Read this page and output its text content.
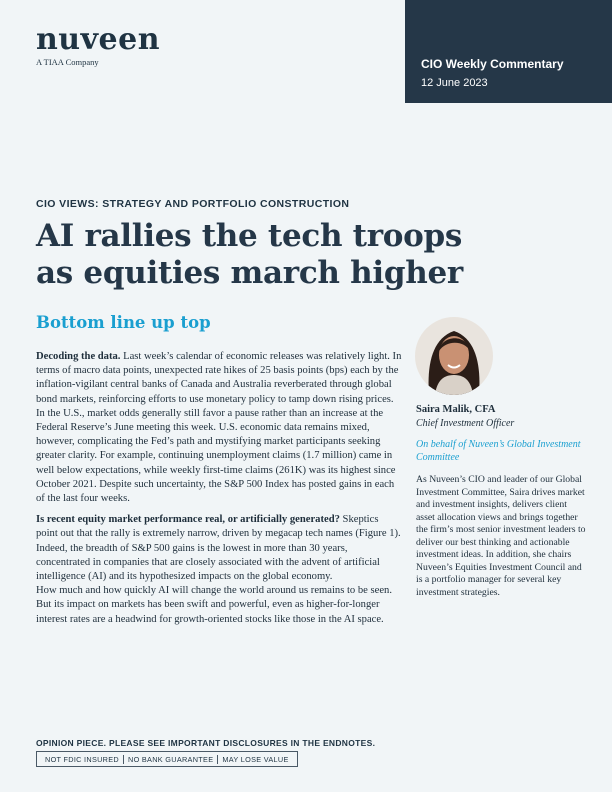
nuveen
A TIAA Company	CIO Weekly Commentary
12 June 2023
CIO VIEWS: STRATEGY AND PORTFOLIO CONSTRUCTION
AI rallies the tech troops
as equities march higher
Bottom line up top

Decoding the data. Last week’s calendar of economic releases was relatively light. In terms of macro data points, unexpected rate hikes of 25 basis points (bps) each by the inflation-vigilant central banks of Canada and Australia reverberated through global bond markets, reinforcing efforts to use monetary policy to tamp down rising prices. In the U.S., market odds generally still favor a pause rather than an increase at the Federal Reserve’s June meeting this week. U.S. economic data remains mixed, however, complicating the Fed’s path and mystifying market participants seeking greater clarity. For example, continuing unemployment claims (1.7 million) came in well below expectations, while weekly first-time claims (261K) was its highest since October 2021. Despite such uncertainty, the S&P 500 Index has posted gains in each of the last four weeks.

Is recent equity market performance real, or artificially generated? Skeptics point out that the rally is extremely narrow, driven by megacap tech names (Figure 1). Indeed, the breadth of S&P 500 gains is the lowest in more than 30 years, concentrated in companies that are closely associated with the advent of artificial intelligence (AI) and its hypothesized impacts on the global economy.

How much and how quickly AI will change the world around us remains to be seen. But its impact on markets has been swift and powerful, even as higher-for-longer interest rates are a headwind for growth-oriented stocks like those in the AI space.

Saira Malik, CFA
Chief Investment Officer
On behalf of Nuveen’s Global Investment Committee
As Nuveen’s CIO and leader of our Global Investment Committee, Saira drives market and investment insights, delivers client asset allocation views and brings together the firm’s most senior investment leaders to deliver our best thinking and actionable investment ideas. In addition, she chairs Nuveen’s Equities Investment Council and is a portfolio manager for several key investment strategies.
OPINION PIECE. PLEASE SEE IMPORTANT DISCLOSURES IN THE ENDNOTES.
NOT FDIC INSURED	NO BANK GUARANTEE	MAY LOSE VALUE
